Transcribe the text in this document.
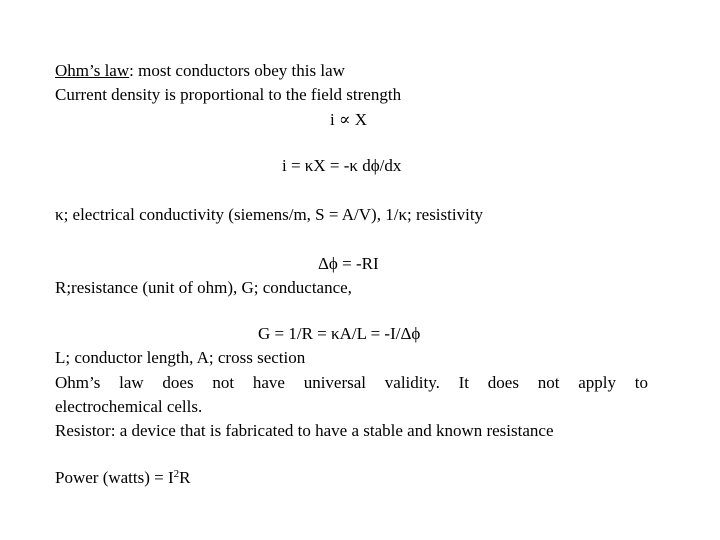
Ohm’s law: most conductors obey this law
Current density is proportional to the field strength
i ∝ X
i = κX = -κ dϕ/dx
κ; electrical conductivity (siemens/m, S = A/V), 1/κ; resistivity
Δϕ = -RI
R;resistance (unit of ohm), G; conductance,
G = 1/R = κA/L = -I/Δϕ
L; conductor length, A; cross section
Ohm’s law does not have universal validity. It does not apply to
electrochemical cells.
Resistor: a device that is fabricated to have a stable and known resistance
Power (watts) = $I^2R$
